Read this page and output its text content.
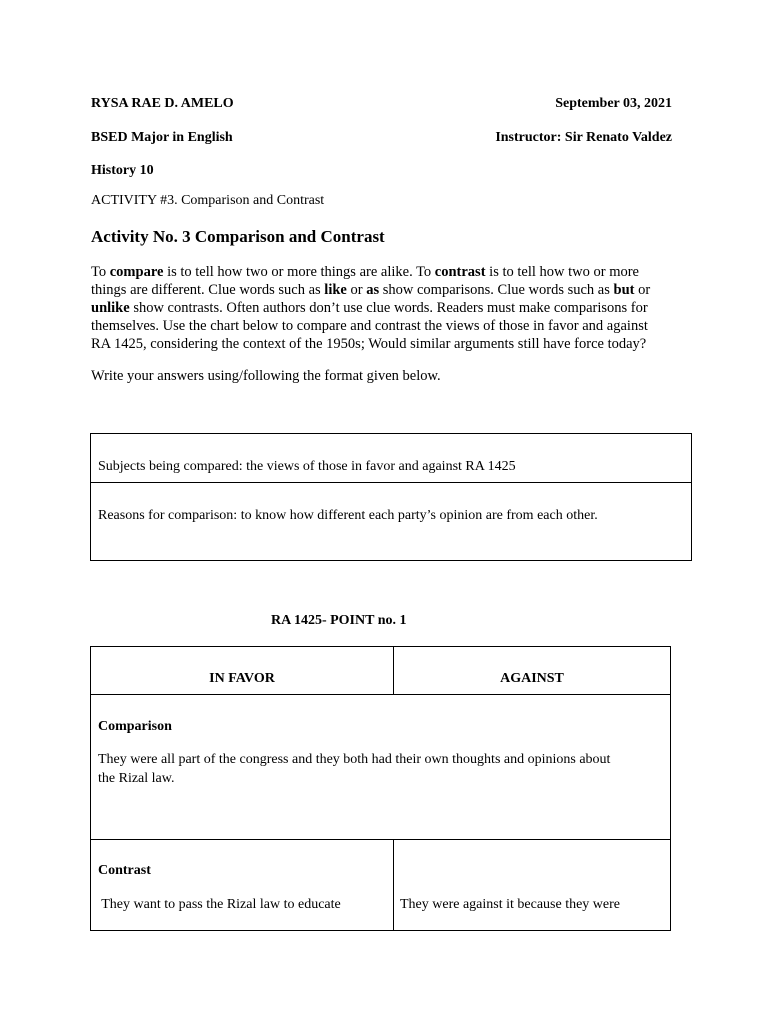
RYSA RAE D. AMELO	September 03, 2021
BSED Major in English	Instructor: Sir Renato Valdez
History 10
ACTIVITY #3. Comparison and Contrast
Activity No. 3 Comparison and Contrast

To compare is to tell how two or more things are alike. To contrast is to tell how two or more

things are different. Clue words such as like or as show comparisons. Clue words such as but or

unlike show contrasts. Often authors don’t use clue words. Readers must make comparisons for

themselves. Use the chart below to compare and contrast the views of those in favor and against

RA 1425, considering the context of the 1950s; Would similar arguments still have force today?

Write your answers using/following the format given below.
Subjects being compared: the views of those in favor and against RA 1425
Reasons for comparison: to know how different each party’s opinion are from each other.
RA 1425- POINT no. 1
IN FAVOR	AGAINST
Comparison
They were all part of the congress and they both had their own thoughts and opinions about
the Rizal law.
Contrast
They want to pass the Rizal law to educate	They were against it because they were
